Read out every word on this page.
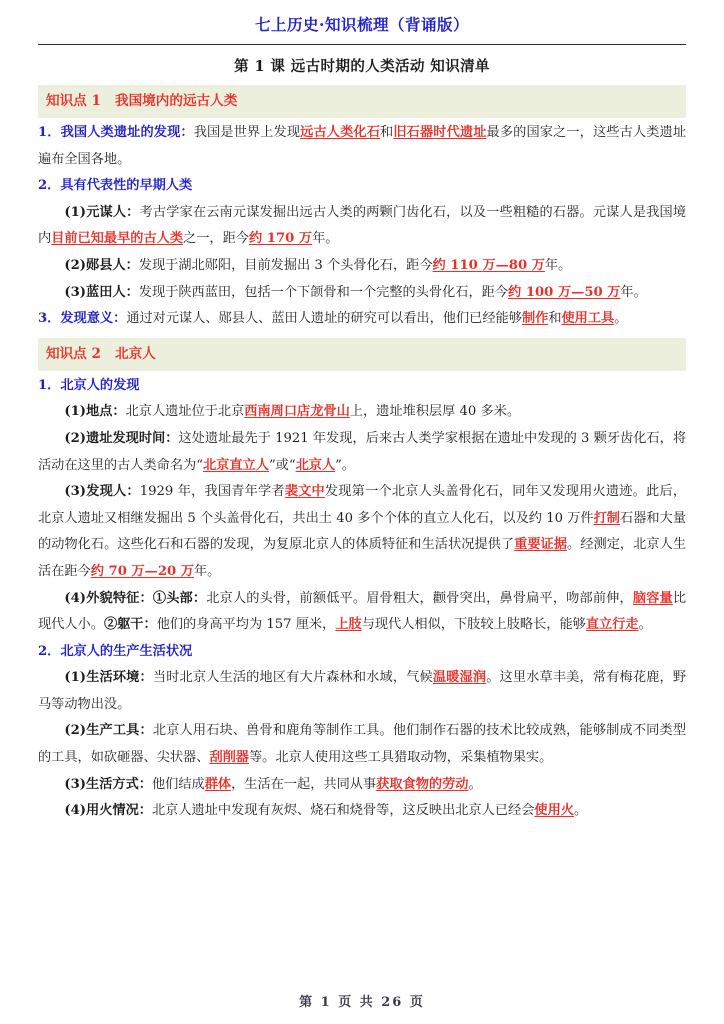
七上历史·知识梳理（背诵版）
第 1 课 远古时期的人类活动 知识清单
知识点 1 我国境内的远古人类

1．我国人类遗址的发现：我国是世界上发现远古人类化石和旧石器时代遗址最多的国家之一，这些古人类遗址遍布全国各地。

2．具有代表性的早期人类

(1)元谋人：考古学家在云南元谋发掘出远古人类的两颗门齿化石，以及一些粗糙的石器。元谋人是我国境内目前已知最早的古人类之一，距今约 170 万年。

(2)郧县人：发现于湖北郧阳，目前发掘出 3 个头骨化石，距今约 110 万—80 万年。

(3)蓝田人：发现于陕西蓝田，包括一个下颌骨和一个完整的头骨化石，距今约 100 万—50 万年。

3．发现意义：通过对元谋人、郧县人、蓝田人遗址的研究可以看出，他们已经能够制作和使用工具。

知识点 2 北京人

1．北京人的发现

(1)地点：北京人遗址位于北京西南周口店龙骨山上，遗址堆积层厚 40 多米。

(2)遗址发现时间：这处遗址最先于 1921 年发现，后来古人类学家根据在遗址中发现的 3 颗牙齿化石，将活动在这里的古人类命名为“北京直立人”或“北京人”。

(3)发现人：1929 年，我国青年学者裴文中发现第一个北京人头盖骨化石，同年又发现用火遗迹。此后，北京人遗址又相继发掘出 5 个头盖骨化石，共出土 40 多个个体的直立人化石，以及约 10 万件打制石器和大量的动物化石。这些化石和石器的发现，为复原北京人的体质特征和生活状况提供了重要证据。经测定，北京人生活在距今约 70 万—20 万年。

(4)外貌特征：①头部：北京人的头骨，前额低平。眉骨粗大，颧骨突出，鼻骨扁平，吻部前伸，脑容量比现代人小。②躯干：他们的身高平均为 157 厘米，上肢与现代人相似，下肢较上肢略长，能够直立行走。

2．北京人的生产生活状况

(1)生活环境：当时北京人生活的地区有大片森林和水域，气候温暖湿润。这里水草丰美，常有梅花鹿，野马等动物出没。

(2)生产工具：北京人用石块、兽骨和鹿角等制作工具。他们制作石器的技术比较成熟，能够制成不同类型的工具，如砍砸器、尖状器、刮削器等。北京人使用这些工具猎取动物，采集植物果实。

(3)生活方式：他们结成群体，生活在一起，共同从事获取食物的劳动。

(4)用火情况：北京人遗址中发现有灰烬、烧石和烧骨等，这反映出北京人已经会使用火。

第 1 页 共 26 页
